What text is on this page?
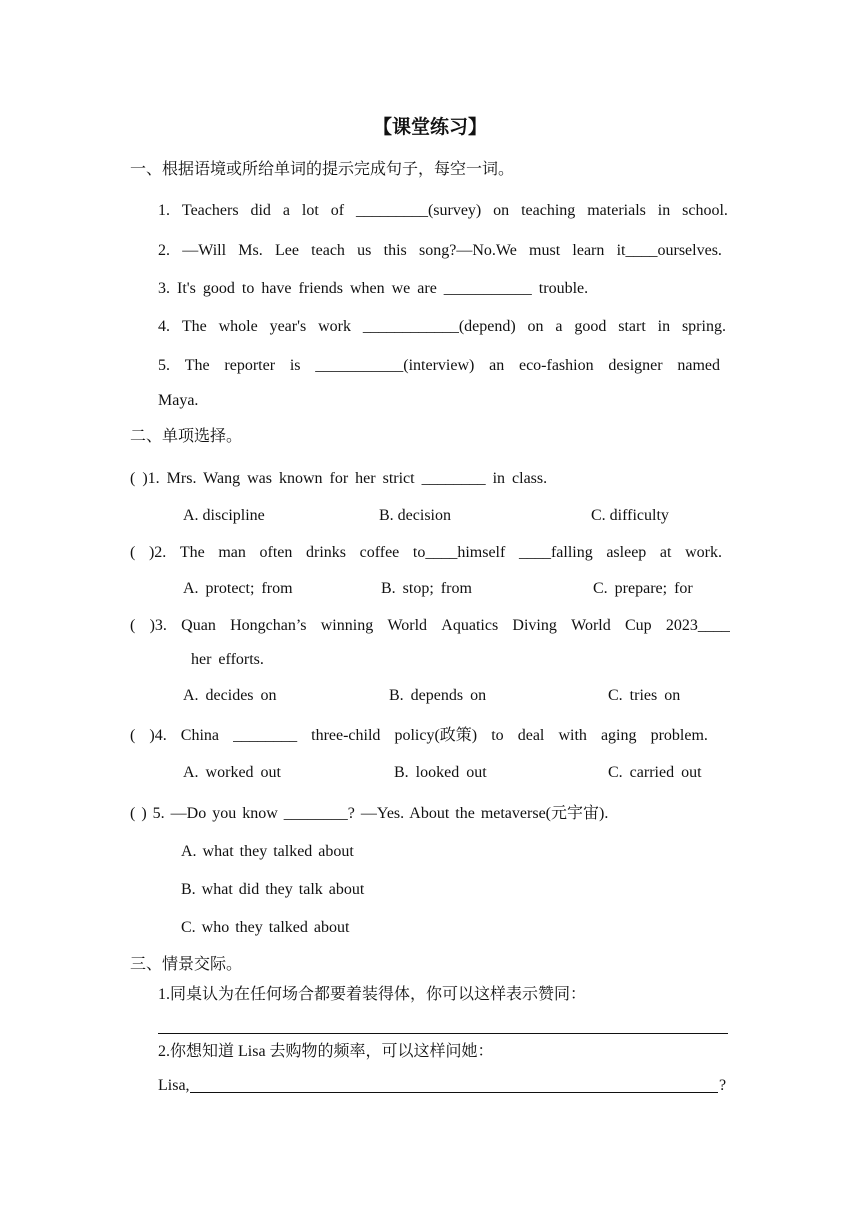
【课堂练习】
一、根据语境或所给单词的提示完成句子，每空一词。
1. Teachers did a lot of _________(survey) on teaching materials in school.
2. —Will Ms. Lee teach us this song?—No.We must learn it____ourselves.
3. It's good to have friends when we are ___________ trouble.
4. The whole year's work ____________(depend) on a good start in spring.
5. The reporter is ___________(interview) an eco-fashion designer named
Maya.
二、单项选择。
( )1. Mrs. Wang was known for her strict ________ in class.
A. discipline	B. decision	C. difficulty
( )2. The man often drinks coffee to____himself ____falling asleep at work.
A. protect; from	B. stop; from	C. prepare; for
( )3. Quan Hongchan’s winning World Aquatics Diving World Cup 2023____
her efforts.
A. decides on	B. depends on	C. tries on
( )4. China ________ three-child policy(政策) to deal with aging problem.
A. worked out	B. looked out	C. carried out
( ) 5. —Do you know ________? —Yes. About the metaverse(元宇宙).
A. what they talked about
B. what did they talk about
C. who they talked about
三、情景交际。
1.同桌认为在任何场合都要着装得体，你可以这样表示赞同：
2.你想知道 Lisa 去购物的频率，可以这样问她：
Lisa,	?
